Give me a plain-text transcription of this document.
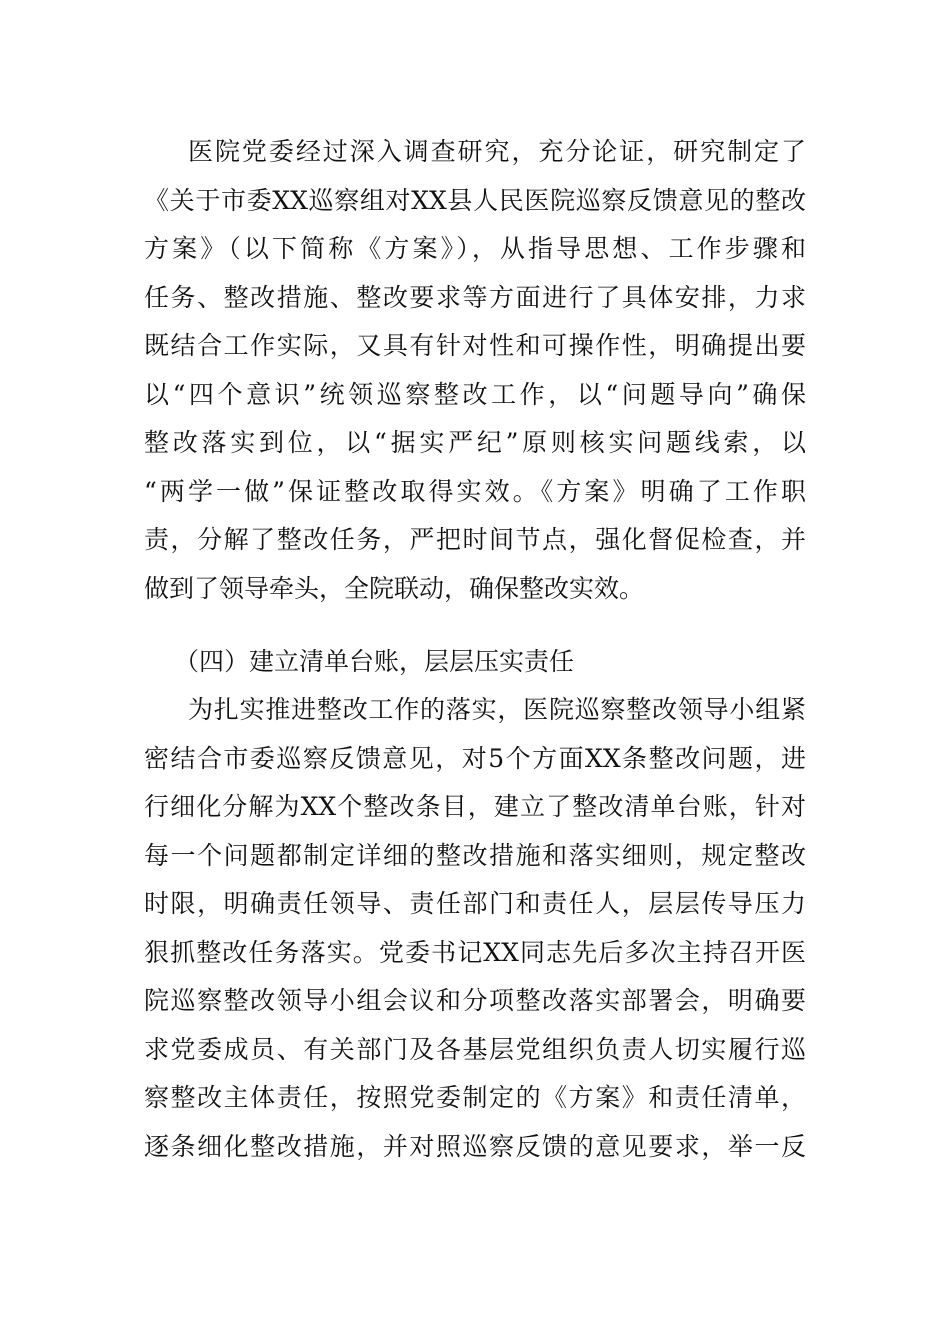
医院党委经过深入调查研究，充分论证，研究制定了
《关于市委XX巡察组对XX县人民医院巡察反馈意见的整改
方案》（以下简称《方案》），从指导思想、工作步骤和
任务、整改措施、整改要求等方面进行了具体安排，力求
既结合工作实际，又具有针对性和可操作性，明确提出要
以“四个意识”统领巡察整改工作，以“问题导向”确保
整改落实到位，以“据实严纪”原则核实问题线索，以
“两学一做”保证整改取得实效。《方案》明确了工作职
责，分解了整改任务，严把时间节点，强化督促检查，并
做到了领导牵头，全院联动，确保整改实效。
（四）建立清单台账，层层压实责任
为扎实推进整改工作的落实，医院巡察整改领导小组紧
密结合市委巡察反馈意见，对5个方面XX条整改问题，进
行细化分解为XX个整改条目，建立了整改清单台账，针对
每一个问题都制定详细的整改措施和落实细则，规定整改
时限，明确责任领导、责任部门和责任人，层层传导压力
狠抓整改任务落实。党委书记XX同志先后多次主持召开医
院巡察整改领导小组会议和分项整改落实部署会，明确要
求党委成员、有关部门及各基层党组织负责人切实履行巡
察整改主体责任，按照党委制定的《方案》和责任清单，
逐条细化整改措施，并对照巡察反馈的意见要求，举一反
